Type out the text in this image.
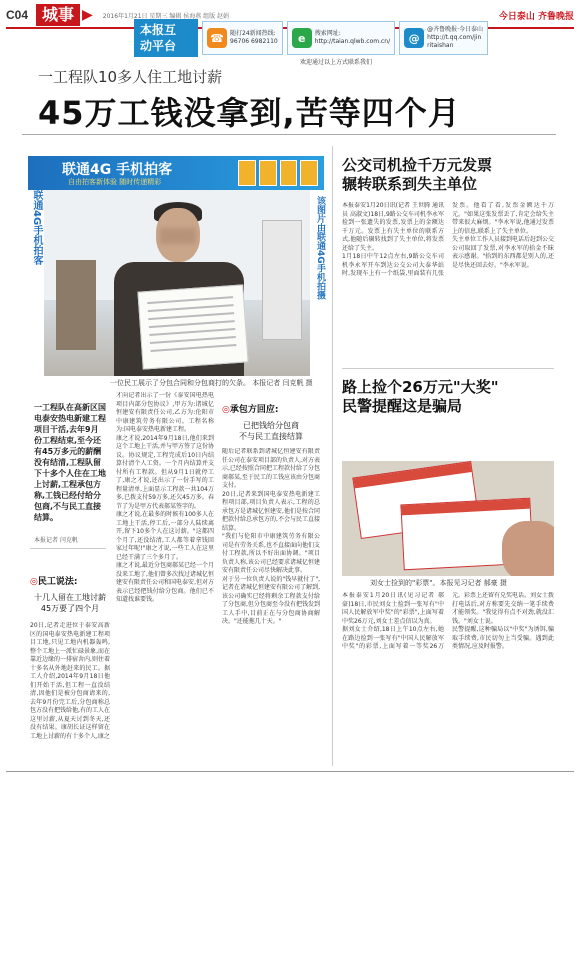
C04 城事 ▶ 2016年1月21日 星期三 编辑 侯海燕 组版 赵娟	今日泰山 齐鲁晚报
本报互
动平台
☎	随打24新闻热线:
96706 6982110	e	搜索网址:
http://taian.qlwb.com.cn/	@
@齐鲁晚报·今日泰山
http://t.qq.com/jin
ritaishan
欢迎通过以上方式联系我们
一工程队10多人住工地讨薪
45万工钱没拿到,苦等四个月
联通4G 手机拍客
自由拍客新体验 随时传递精彩
联通4G手机拍客	该图片由联通4G手机拍摄
一位民工展示了分包合同和分包商打的欠条。 本报记者 闫克帆 摄
一工程队在高新区国电泰安热电新建工程项目干活,去年9月份工程结束,至今还有45万多元的薪酬没有结清,工程队留下十多个人住在工地上讨薪,工程承包方称,工钱已经付给分包商,不与民工直接结算。
本报记者 闫克帆
◎民工说法:
十几人留在工地讨薪
45万要了四个月
20日,记者走进位于泰安高新区的国电泰安热电新建工程项目工地,只见工地内机器轰鸣,整个工地上一派忙碌景象,而在靠近边缘的一排宿舍内,则住着十多名从外地赶来的民工。据工人介绍,2014年9月18日他们开始干活,但工程一直没结清,因他们是被分包商请来的,去年9月份完工后,分包商称总包方没有把钱给他,有的工人在这里讨薪,从夏天讨到冬天,还没有结果。康胡长证这样留在工地上讨薪的有十多个人,康之
才向记者出示了一份《泰安国电热电项目内部分包协议》,甲方为:诸城亿恒建安有限责任公司,乙方为:伦阳市中康建筑劳务有限公司。工程名称为:国电泰安热电新建工程。
康之才说,2014年9月18日,他们来到这个工地上干活,并与甲方签了这份协议。协议规定,工程完成后10日内结算付清个人工资。一个月内结算并支付所有工程款。但从9月1日就停工了,康之才说,还出示了一份手写的工程量清单,上面显示工程款一共104万多,已拨支付59万多,还欠45万多。春节了为是甲方代表郝某签字的。
康之才说,在最多的时候有100多人在工地上干活,停工后,一部分人陆续离开,留下10多个人在这讨薪。"这都四个月了,还没结清,工人都等着拿钱回家过年呢!"康之才说,一些工人在这里已经干满了三个多月了。
康之才说,最近分包商郝某已经一个月没来工地了,他们曾多次找过诸城亿恒建安有限责任公司和国电泰安,但对方表示已经把钱付给分包商。他们已不知道找谁要钱。
◎承包方回应:
已把钱给分包商
不与民工直接结算
随后记者联系到诸城亿恒建安有限责任公司在泰安项目部的负责人,对方表示,已经按照合同把工程款付给了分包商郝某,至于民工的工钱应该由分包商支付。
20日,记者来到国电泰安热电新建工程项目部,项目负责人表示,工程的总承包方是诸城亿恒建安,他们是按合同把款付给总承包方的,不会与民工直接结算。
"我们与伦阳市中康建筑劳务有限公司是有劳务关系,也不直接面向他们支付工程款,所以不好出面协调。"项目负责人称,该公司已经要求诸城亿恒建安有限责任公司尽快解决此事。
对于另一位负责人说的"钱早就付了",记者在诸城亿恒建安有限公司了解到,该公司确实已经将剩余工程款支付给了分包商,但分包商至今没有把钱发到工人手中,目前正在与分包商协商解决。"还能拖几十天。"
公交司机捡千万元发票
辗转联系到失主单位
本报泰安1月20日讯(记者 王世腾 通讯员 高淑文)18日,9路公交车司机李永军捡到一张遗失的发票,发票上的金额达千万元。发票上有失主单位的联系方式,他随后辗转找到了失主单位,将发票还给了失主。
1月18日中午12点左右,9路公交车司机李永军开车到达公交公司大泰华站时,发现车上有一个纸袋,里面装有几张发票。他看了看,发票金额达千万元。"如果这张发票丢了,肯定会给失主带来很大麻烦。"李永军说,他通过发票上的信息,联系上了失主单位。
失主单位工作人员接到电话后赶到公交公司取回了发票,对李永军的拾金不昧表示感谢。"拾到的东西都是别人的,还是尽快还回去好。"李永军说。
路上捡个26万元"大奖"
民警提醒这是骗局
刘女士捡到的"彩票"。本报见习记者 郝豪 摄
本报泰安1月20日讯(见习记者 郝豪)18日,市民刘女士捡到一张写有"中国人民解放军中奖"的"彩票",上面写着中奖26万元,刘女士差点信以为真。
据刘女士介绍,18日上午10点左右,她在路边捡到一张写有"中国人民解放军中奖"的彩票,上面写着一等奖26万元。彩票上还留有兑奖电话。刘女士拨打电话后,对方称要先交纳一笔手续费才能领奖。"我觉得有点不对劲,就没汇钱。"刘女士说。
民警提醒,这种骗局以"中奖"为诱饵,骗取手续费,市民切勿上当受骗。遇到此类情况,应及时报警。
